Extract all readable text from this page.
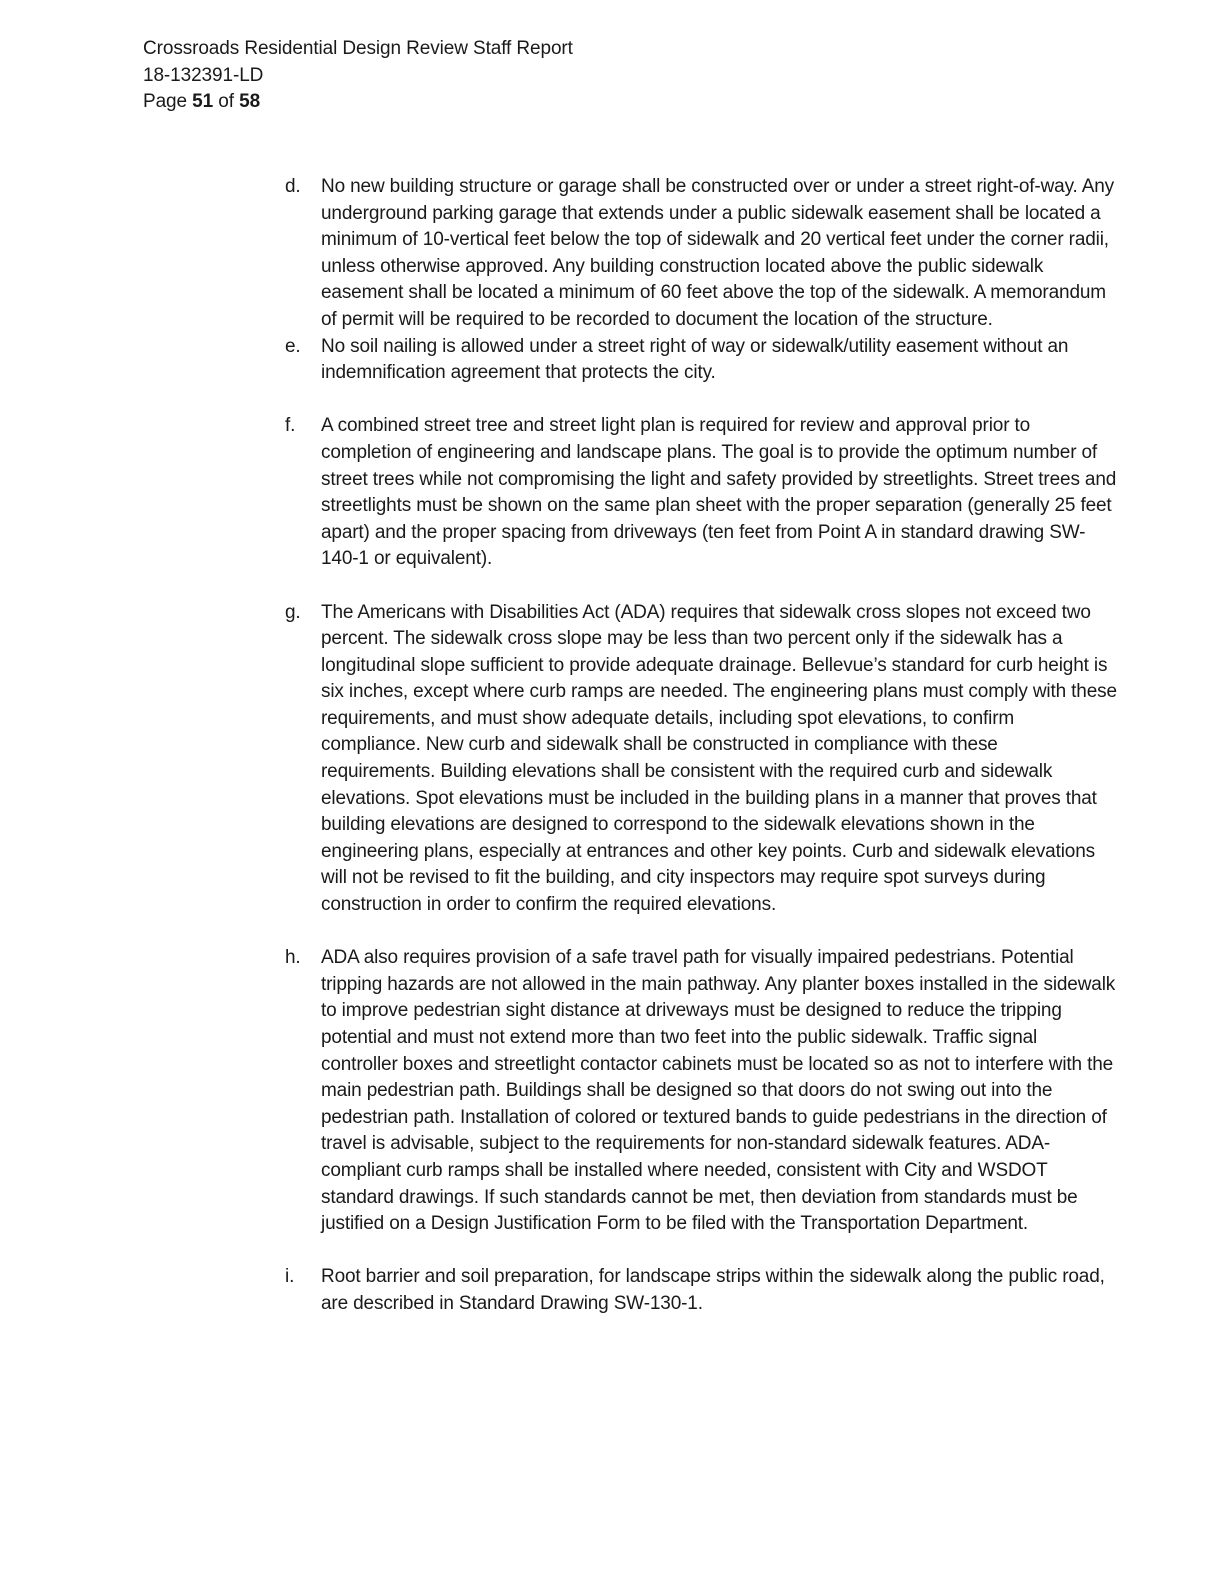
Crossroads Residential Design Review Staff Report
18-132391-LD
Page 51 of 58
d.	No new building structure or garage shall be constructed over or under a street right-of-way. Any underground parking garage that extends under a public sidewalk easement shall be located a minimum of 10-vertical feet below the top of sidewalk and 20 vertical feet under the corner radii, unless otherwise approved. Any building construction located above the public sidewalk easement shall be located a minimum of 60 feet above the top of the sidewalk. A memorandum of permit will be required to be recorded to document the location of the structure.
e.	No soil nailing is allowed under a street right of way or sidewalk/utility easement without an indemnification agreement that protects the city.
f.	A combined street tree and street light plan is required for review and approval prior to completion of engineering and landscape plans. The goal is to provide the optimum number of street trees while not compromising the light and safety provided by streetlights. Street trees and streetlights must be shown on the same plan sheet with the proper separation (generally 25 feet apart) and the proper spacing from driveways (ten feet from Point A in standard drawing SW-140-1 or equivalent).
g.	The Americans with Disabilities Act (ADA) requires that sidewalk cross slopes not exceed two percent. The sidewalk cross slope may be less than two percent only if the sidewalk has a longitudinal slope sufficient to provide adequate drainage. Bellevue’s standard for curb height is six inches, except where curb ramps are needed. The engineering plans must comply with these requirements, and must show adequate details, including spot elevations, to confirm compliance. New curb and sidewalk shall be constructed in compliance with these requirements. Building elevations shall be consistent with the required curb and sidewalk elevations. Spot elevations must be included in the building plans in a manner that proves that building elevations are designed to correspond to the sidewalk elevations shown in the engineering plans, especially at entrances and other key points. Curb and sidewalk elevations will not be revised to fit the building, and city inspectors may require spot surveys during construction in order to confirm the required elevations.
h.	ADA also requires provision of a safe travel path for visually impaired pedestrians. Potential tripping hazards are not allowed in the main pathway. Any planter boxes installed in the sidewalk to improve pedestrian sight distance at driveways must be designed to reduce the tripping potential and must not extend more than two feet into the public sidewalk. Traffic signal controller boxes and streetlight contactor cabinets must be located so as not to interfere with the main pedestrian path. Buildings shall be designed so that doors do not swing out into the pedestrian path. Installation of colored or textured bands to guide pedestrians in the direction of travel is advisable, subject to the requirements for non-standard sidewalk features. ADA-compliant curb ramps shall be installed where needed, consistent with City and WSDOT standard drawings. If such standards cannot be met, then deviation from standards must be justified on a Design Justification Form to be filed with the Transportation Department.
i.	Root barrier and soil preparation, for landscape strips within the sidewalk along the public road, are described in Standard Drawing SW-130-1.
